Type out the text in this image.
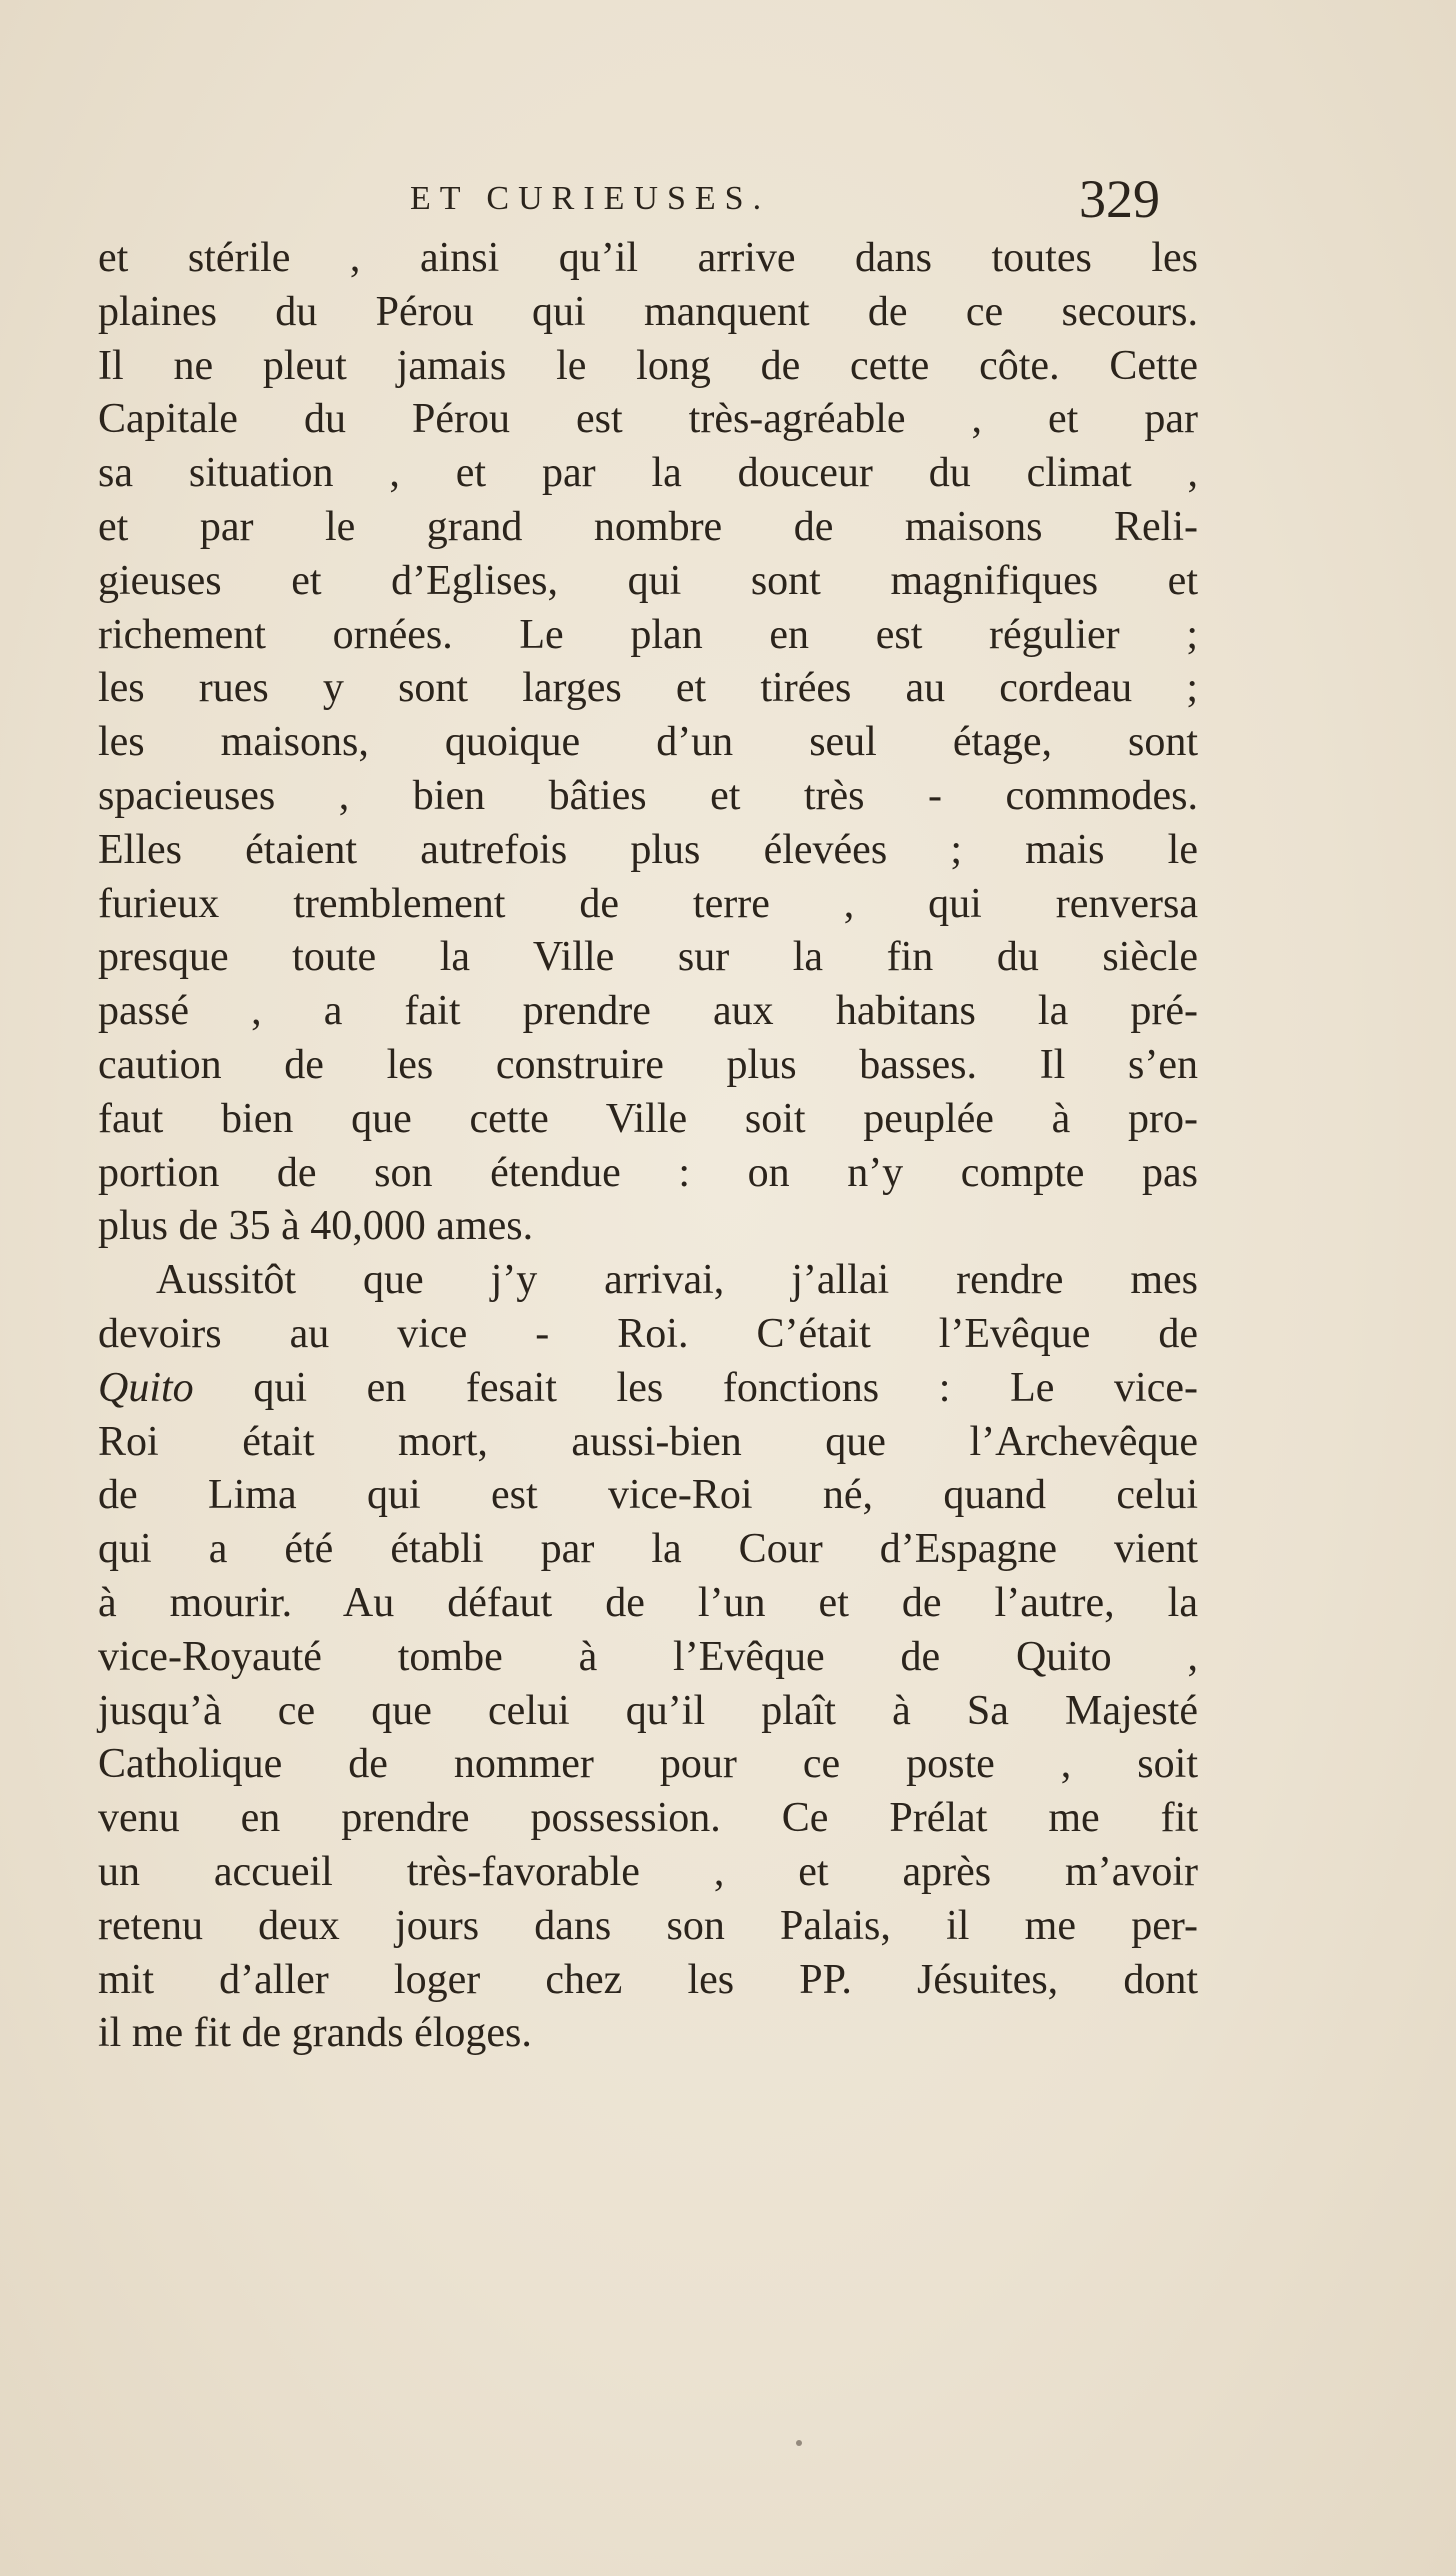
ET CURIEUSES.	329
et stérile , ainsi qu’il arrive dans toutes les
plaines du Pérou qui manquent de ce secours.
Il ne pleut jamais le long de cette côte. Cette
Capitale du Pérou est très-agréable , et par
sa situation , et par la douceur du climat ,
et par le grand nombre de maisons Reli-
gieuses et d’Eglises, qui sont magnifiques et
richement ornées. Le plan en est régulier ;
les rues y sont larges et tirées au cordeau ;
les maisons, quoique d’un seul étage, sont
spacieuses , bien bâties et très - commodes.
Elles étaient autrefois plus élevées ; mais le
furieux tremblement de terre , qui renversa
presque toute la Ville sur la fin du siècle
passé , a fait prendre aux habitans la pré-
caution de les construire plus basses. Il s’en
faut bien que cette Ville soit peuplée à pro-
portion de son étendue : on n’y compte pas
plus de 35 à 40,000 ames.
Aussitôt que j’y arrivai, j’allai rendre mes
devoirs au vice - Roi. C’était l’Evêque de
Quito qui en fesait les fonctions : Le vice-
Roi était mort, aussi-bien que l’Archevêque
de Lima qui est vice-Roi né, quand celui
qui a été établi par la Cour d’Espagne vient
à mourir. Au défaut de l’un et de l’autre, la
vice-Royauté tombe à l’Evêque de Quito ,
jusqu’à ce que celui qu’il plaît à Sa Majesté
Catholique de nommer pour ce poste , soit
venu en prendre possession. Ce Prélat me fit
un accueil très-favorable , et après m’avoir
retenu deux jours dans son Palais, il me per-
mit d’aller loger chez les PP. Jésuites, dont
il me fit de grands éloges.
